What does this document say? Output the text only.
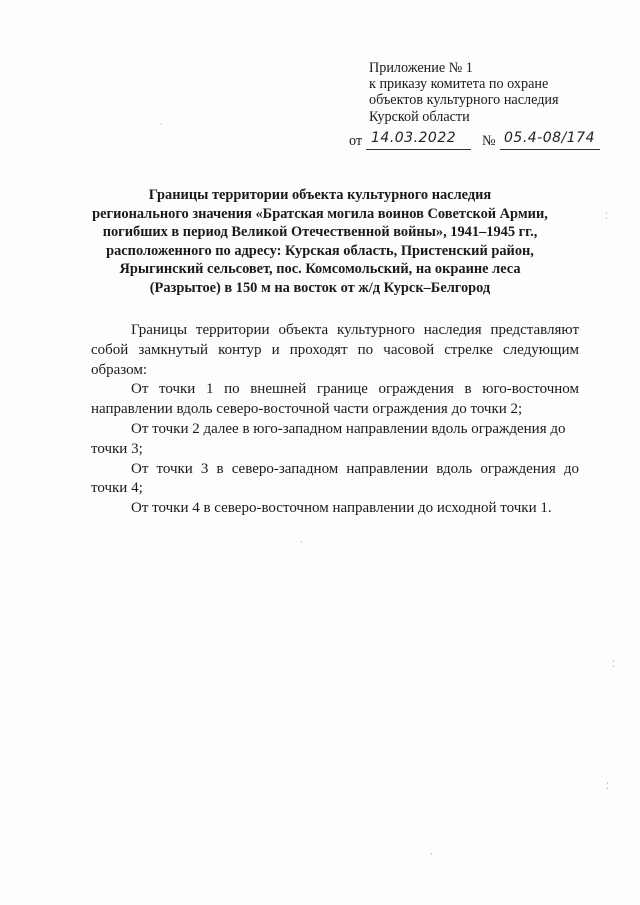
Приложение № 1
к приказу комитета по охране
объектов культурного наследия
Курской области
от 14.03.2022 № 05.4-08/174
Границы территории объекта культурного наследия
регионального значения «Братская могила воинов Советской Армии,
погибших в период Великой Отечественной войны», 1941–1945 гг.,
расположенного по адресу: Курская область, Пристенский район,
Ярыгинский сельсовет, пос. Комсомольский, на окраине леса
(Разрытое) в 150 м на восток от ж/д Курск–Белгород
Границы территории объекта культурного наследия представляют
собой замкнутый контур и проходят по часовой стрелке следующим
образом:
От точки 1 по внешней границе ограждения в юго-восточном
направлении вдоль северо-восточной части ограждения до точки 2;
От точки 2 далее в юго-западном направлении вдоль ограждения до
точки 3;
От точки 3 в северо-западном направлении вдоль ограждения до
точки 4;
От точки 4 в северо-восточном направлении до исходной точки 1.
·
⁚
⁚
·
⁚
·
